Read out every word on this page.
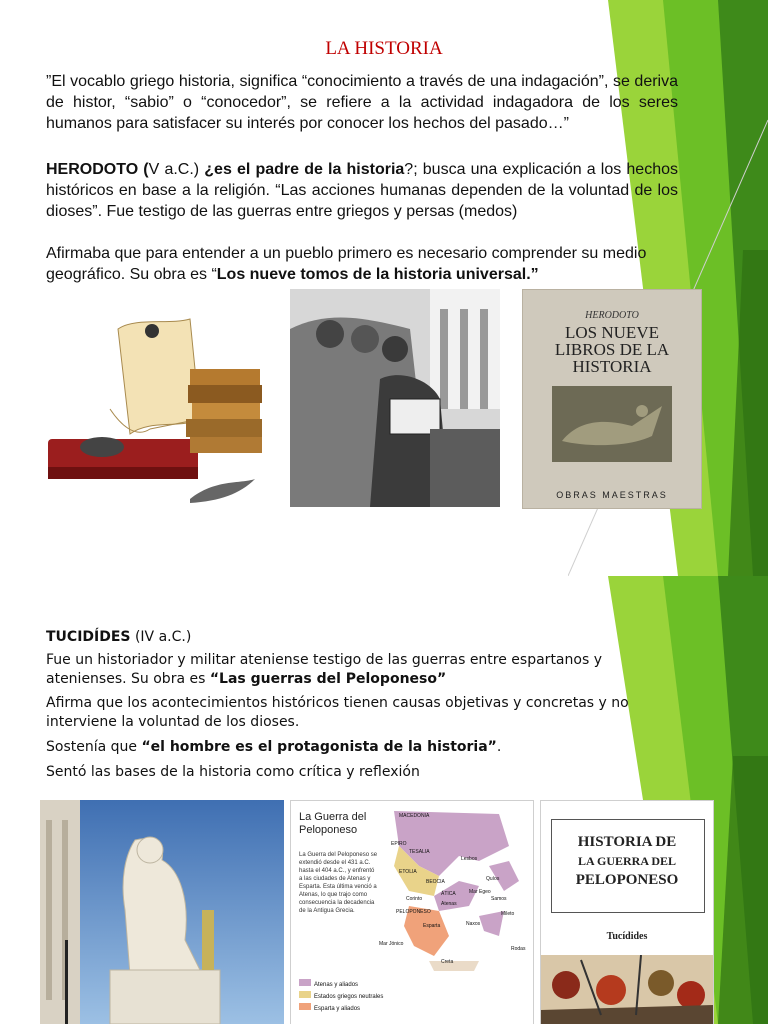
LA HISTORIA

”El vocablo griego historia, significa “conocimiento a través de una indagación”, se deriva de histor, “sabio” o “conocedor”, se refiere a la actividad indagadora de los seres humanos para satisfacer su interés por conocer los hechos del pasado…”

HERODOTO (V a.C.) ¿es el padre de la historia?; busca una explicación a los hechos históricos en base a la religión. “Las acciones humanas dependen de la voluntad de los dioses”. Fue testigo de las guerras entre griegos y persas (medos)

Afirmaba que para entender a un pueblo primero es necesario comprender su medio geográfico. Su obra es “Los nueve tomos de la historia universal.”

HERODOTO
LOS NUEVE
LIBROS DE LA
HISTORIA
OBRAS MAESTRAS

TUCIDÍDES (IV a.C.)

Fue un historiador y militar ateniense testigo de las guerras entre espartanos y atenienses. Su obra es “Las guerras del Peloponeso”

Afirma que los acontecimientos históricos tienen causas objetivas y concretas y no interviene la voluntad de los dioses.

Sostenía que “el hombre es el protagonista de la historia”.

Sentó las bases de la historia como crítica y reflexión

La Guerra del
Peloponeso
La Guerra del Peloponeso se extendió desde el 431 a.C. hasta el 404 a.C., y enfrentó a las ciudades de Atenas y Esparta. Esta última venció a Atenas, lo que trajo como consecuencia la decadencia de la Antigua Grecia.
MACEDONIA
EPIRO
TESALIA
ETOLIA
BEOCIA
ÁTICA
PELOPONESO
Esparta
Mar Egeo
Mar Jónico
Lesbos
Quíos
Samos
Creta
Rodas
Mileto
Naxos
Corinto
Atenas
Atenas y aliados
Estados griegos neutrales
Esparta y aliados
HISTORIA DE
LA GUERRA DEL
PELOPONESO
Tucídides
